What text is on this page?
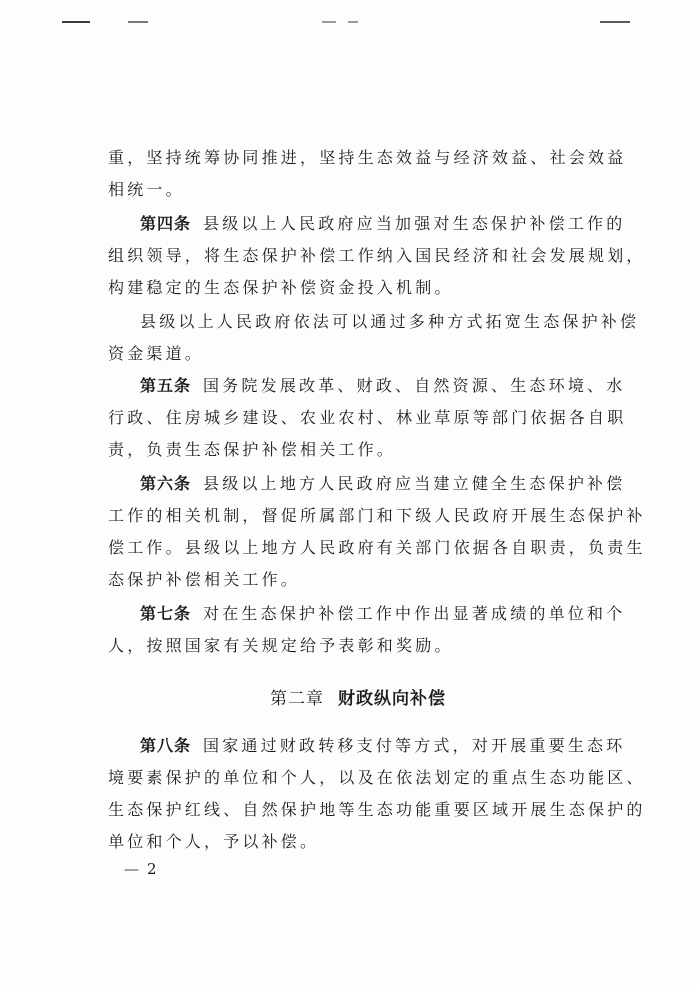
重，坚持统筹协同推进，坚持生态效益与经济效益、社会效益
相统一。
第四条 县级以上人民政府应当加强对生态保护补偿工作的
组织领导，将生态保护补偿工作纳入国民经济和社会发展规划，
构建稳定的生态保护补偿资金投入机制。
县级以上人民政府依法可以通过多种方式拓宽生态保护补偿
资金渠道。
第五条 国务院发展改革、财政、自然资源、生态环境、水
行政、住房城乡建设、农业农村、林业草原等部门依据各自职
责，负责生态保护补偿相关工作。
第六条 县级以上地方人民政府应当建立健全生态保护补偿
工作的相关机制，督促所属部门和下级人民政府开展生态保护补
偿工作。县级以上地方人民政府有关部门依据各自职责，负责生
态保护补偿相关工作。
第七条 对在生态保护补偿工作中作出显著成绩的单位和个
人，按照国家有关规定给予表彰和奖励。
第二章 财政纵向补偿
第八条 国家通过财政转移支付等方式，对开展重要生态环
境要素保护的单位和个人，以及在依法划定的重点生态功能区、
生态保护红线、自然保护地等生态功能重要区域开展生态保护的
单位和个人，予以补偿。
— 2
